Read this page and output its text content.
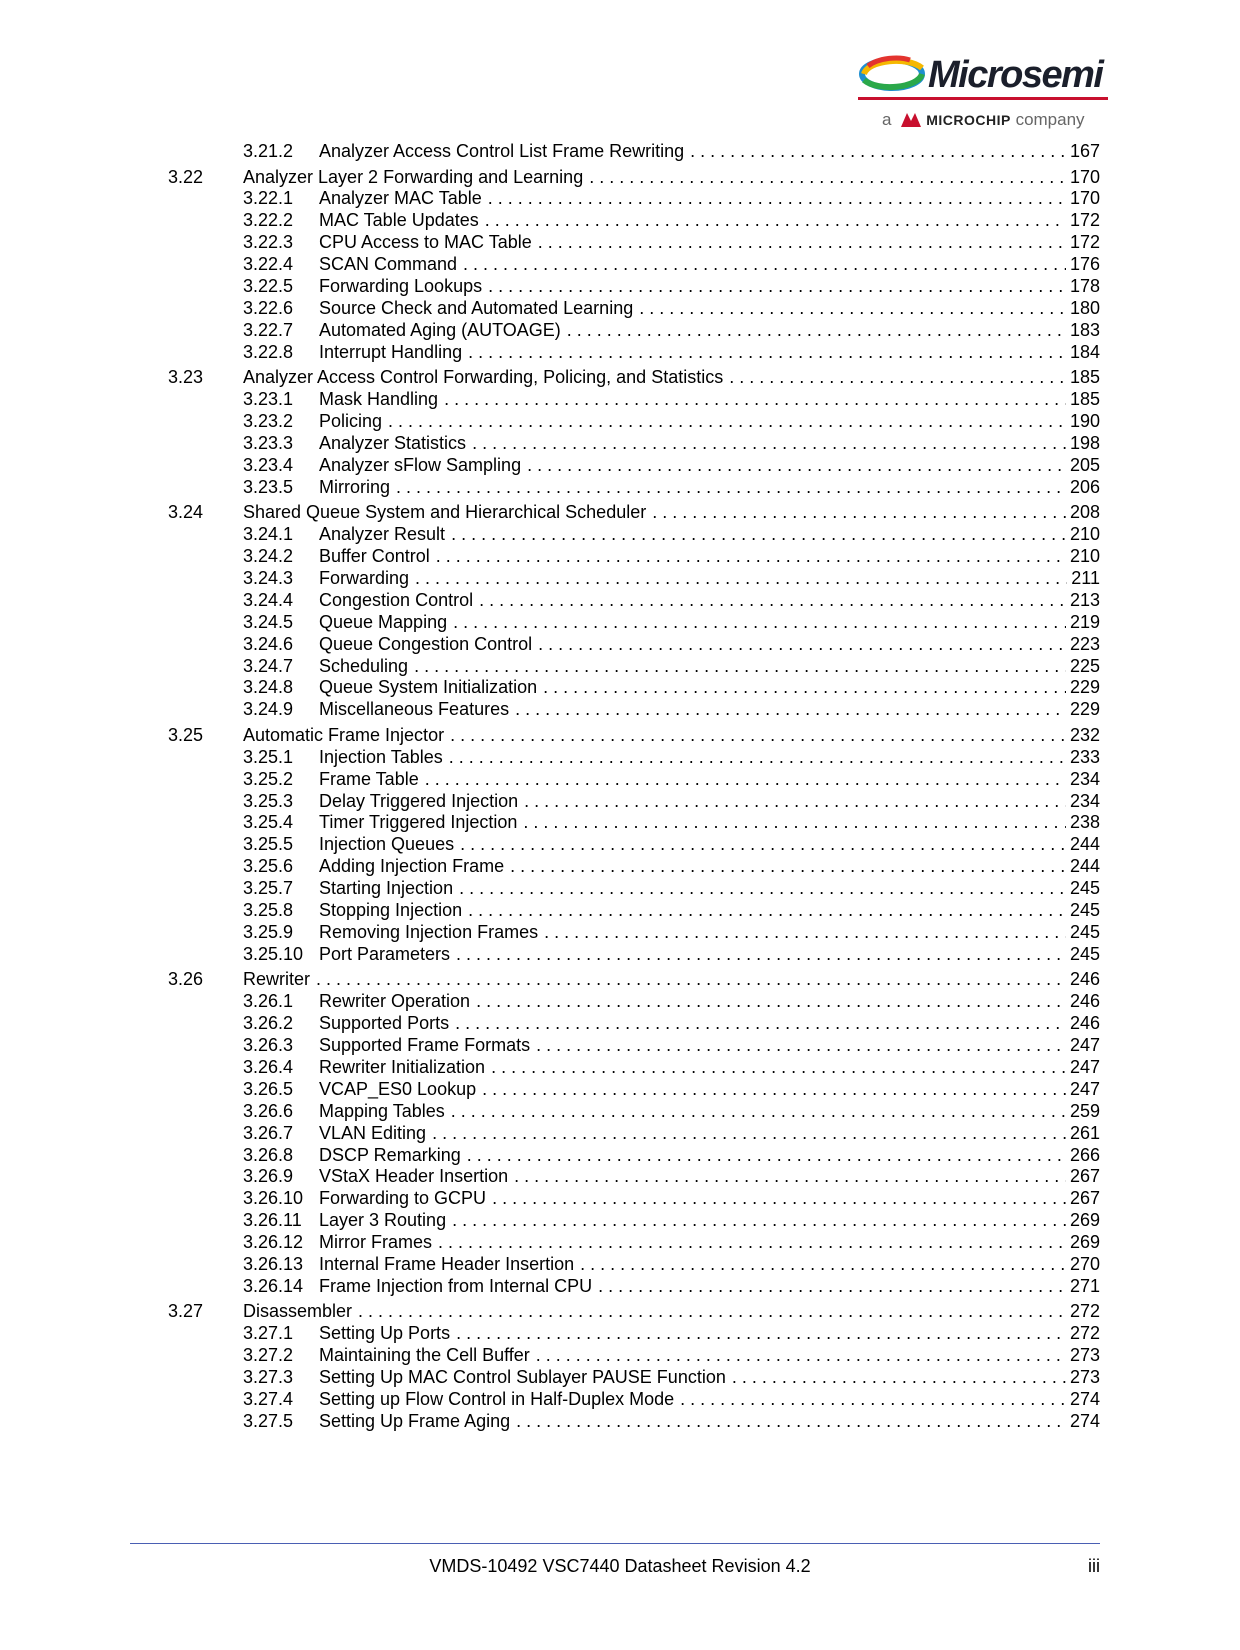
Microsemi
a MICROCHIP company
3.21.2	Analyzer Access Control List Frame Rewriting . . .	167
3.22	Analyzer Layer 2 Forwarding and Learning . . .	170
3.22.1	Analyzer MAC Table . . .	170
3.22.2	MAC Table Updates . . .	172
3.22.3	CPU Access to MAC Table . . .	172
3.22.4	SCAN Command . . .	176
3.22.5	Forwarding Lookups . . .	178
3.22.6	Source Check and Automated Learning . . .	180
3.22.7	Automated Aging (AUTOAGE) . . .	183
3.22.8	Interrupt Handling . . .	184
3.23	Analyzer Access Control Forwarding, Policing, and Statistics . . .	185
3.23.1	Mask Handling . . .	185
3.23.2	Policing . . .	190
3.23.3	Analyzer Statistics . . .	198
3.23.4	Analyzer sFlow Sampling . . .	205
3.23.5	Mirroring . . .	206
3.24	Shared Queue System and Hierarchical Scheduler . . .	208
3.24.1	Analyzer Result . . .	210
3.24.2	Buffer Control . . .	210
3.24.3	Forwarding . . .	211
3.24.4	Congestion Control . . .	213
3.24.5	Queue Mapping . . .	219
3.24.6	Queue Congestion Control . . .	223
3.24.7	Scheduling . . .	225
3.24.8	Queue System Initialization . . .	229
3.24.9	Miscellaneous Features . . .	229
3.25	Automatic Frame Injector . . .	232
3.25.1	Injection Tables . . .	233
3.25.2	Frame Table . . .	234
3.25.3	Delay Triggered Injection . . .	234
3.25.4	Timer Triggered Injection . . .	238
3.25.5	Injection Queues . . .	244
3.25.6	Adding Injection Frame . . .	244
3.25.7	Starting Injection . . .	245
3.25.8	Stopping Injection . . .	245
3.25.9	Removing Injection Frames . . .	245
3.25.10 Port Parameters . . .	245
3.26	Rewriter . . .	246
3.26.1	Rewriter Operation . . .	246
3.26.2	Supported Ports . . .	246
3.26.3	Supported Frame Formats . . .	247
3.26.4	Rewriter Initialization . . .	247
3.26.5	VCAP_ES0 Lookup . . .	247
3.26.6	Mapping Tables . . .	259
3.26.7	VLAN Editing . . .	261
3.26.8	DSCP Remarking . . .	266
3.26.9	VStaX Header Insertion . . .	267
3.26.10 Forwarding to GCPU . . .	267
3.26.11 Layer 3 Routing . . .	269
3.26.12 Mirror Frames . . .	269
3.26.13 Internal Frame Header Insertion . . .	270
3.26.14 Frame Injection from Internal CPU . . .	271
3.27	Disassembler . . .	272
3.27.1	Setting Up Ports . . .	272
3.27.2	Maintaining the Cell Buffer . . .	273
3.27.3	Setting Up MAC Control Sublayer PAUSE Function . . .	273
3.27.4	Setting up Flow Control in Half-Duplex Mode . . .	274
3.27.5	Setting Up Frame Aging . . .	274
VMDS-10492 VSC7440 Datasheet Revision 4.2	iii
